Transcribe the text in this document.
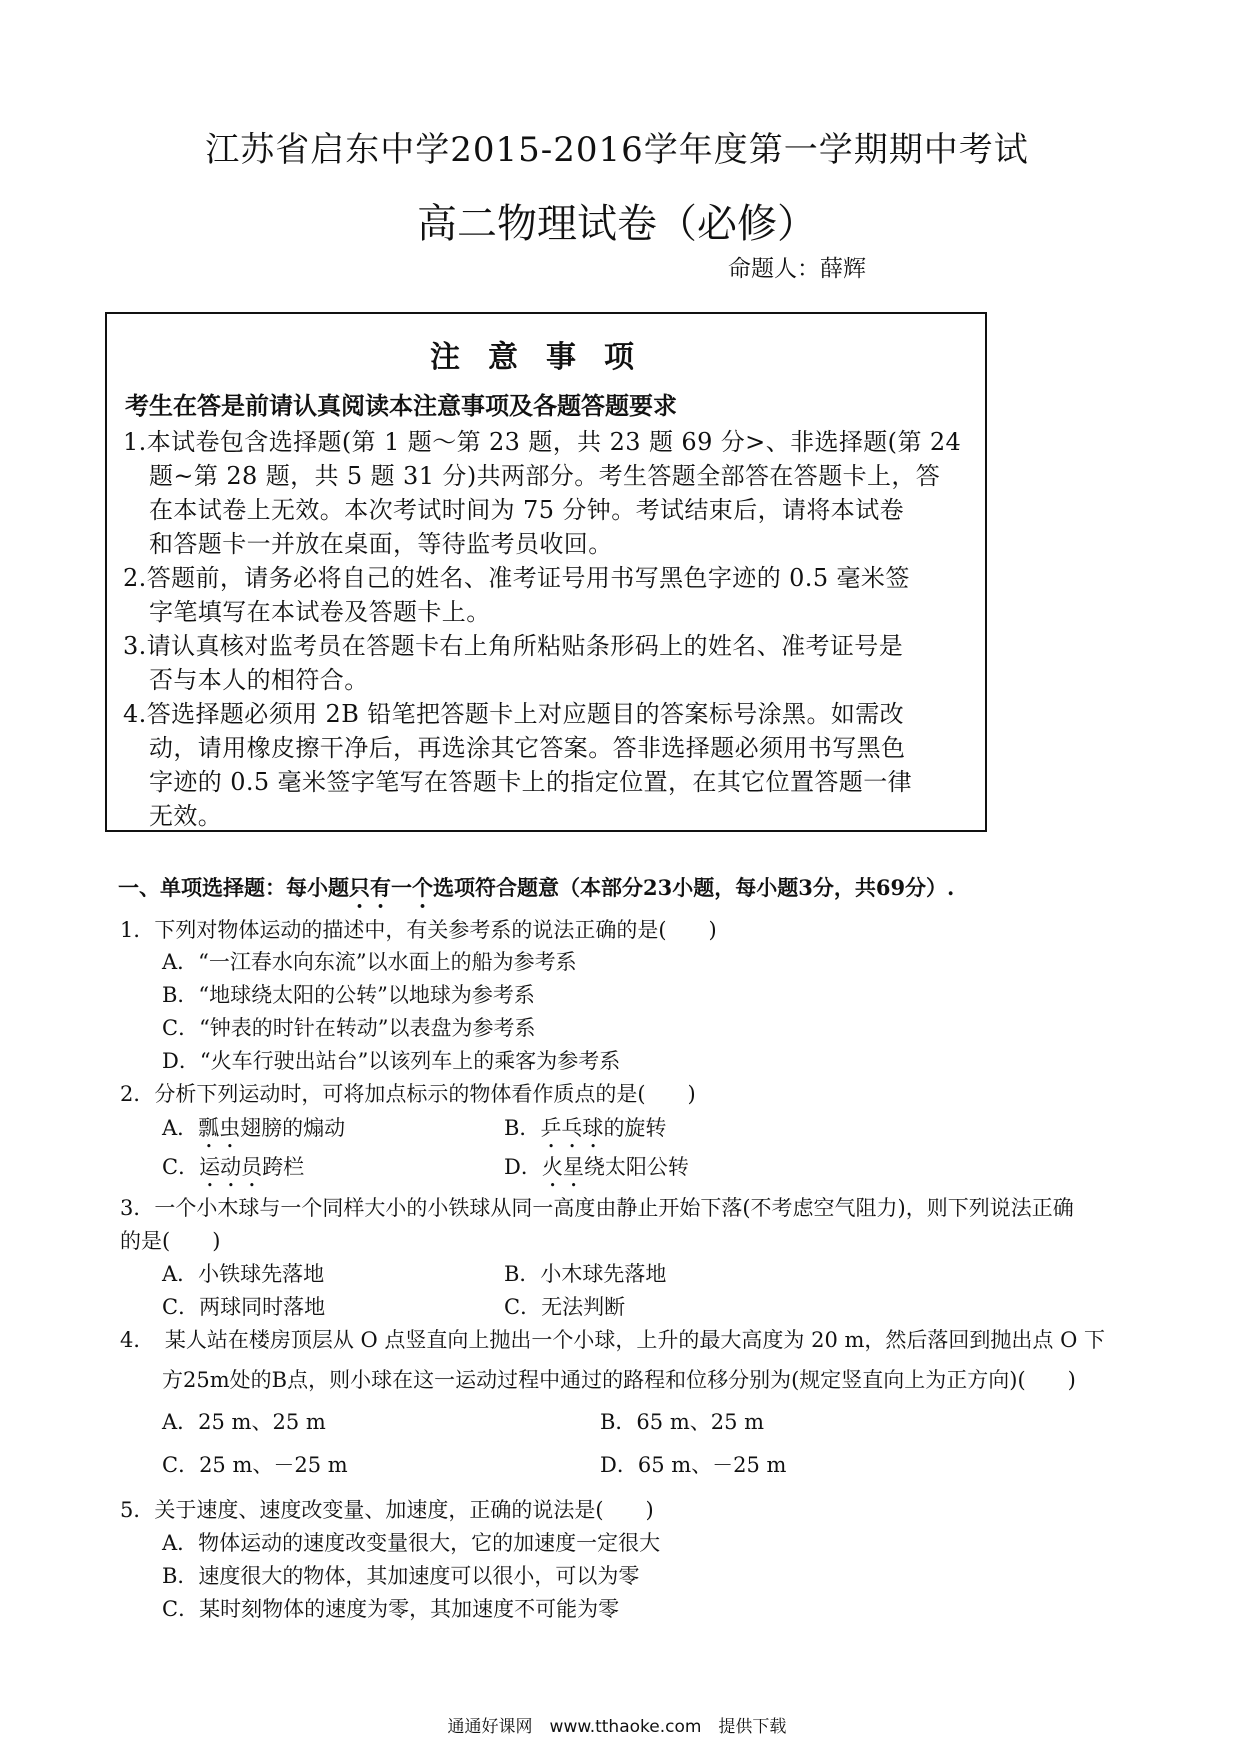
江苏省启东中学2015-2016学年度第一学期期中考试
高二物理试卷（必修）
命题人：薛辉
注意事项
考生在答是前请认真阅读本注意事项及各题答题要求
1.本试卷包含选择题(第 1 题～第 23 题，共 23 题 69 分>、非选择题(第 24
题~第 28 题，共 5 题 31 分)共两部分。考生答题全部答在答题卡上，答
在本试卷上无效。本次考试时间为 75 分钟。考试结束后，请将本试卷
和答题卡一并放在桌面，等待监考员收回。
2.答题前，请务必将自己的姓名、准考证号用书写黑色字迹的 0.5 毫米签
字笔填写在本试卷及答题卡上。
3.请认真核对监考员在答题卡右上角所粘贴条形码上的姓名、准考证号是
否与本人的相符合。
4.答选择题必须用 2B 铅笔把答题卡上对应题目的答案标号涂黑。如需改
动，请用橡皮擦干净后，再选涂其它答案。答非选择题必须用书写黑色
字迹的 0.5 毫米签字笔写在答题卡上的指定位置，在其它位置答题一律
无效。
一、单项选择题：每小题只有一个选项符合题意（本部分23小题，每小题3分，共69分）.
1．下列对物体运动的描述中，有关参考系的说法正确的是(　　)
A．“一江春水向东流”以水面上的船为参考系
B．“地球绕太阳的公转”以地球为参考系
C．“钟表的时针在转动”以表盘为参考系
D．“火车行驶出站台”以该列车上的乘客为参考系
2．分析下列运动时，可将加点标示的物体看作质点的是(　　)
A．瓢虫翅膀的煽动	B．乒乓球的旋转
C．运动员跨栏	D．火星绕太阳公转
3．一个小木球与一个同样大小的小铁球从同一高度由静止开始下落(不考虑空气阻力)，则下列说法正确
的是(　　)
A．小铁球先落地	B．小木球先落地
C．两球同时落地	C．无法判断
4．　某人站在楼房顶层从 O 点竖直向上抛出一个小球，上升的最大高度为 20 m，然后落回到抛出点 O 下
方25m处的B点，则小球在这一运动过程中通过的路程和位移分别为(规定竖直向上为正方向)(　　)
A．25 m、25 m	B．65 m、25 m
C．25 m、－25 m	D．65 m、－25 m
5．关于速度、速度改变量、加速度，正确的说法是(　　)
A．物体运动的速度改变量很大，它的加速度一定很大
B．速度很大的物体，其加速度可以很小，可以为零
C．某时刻物体的速度为零，其加速度不可能为零
通通好课网　www.tthaoke.com　提供下载
